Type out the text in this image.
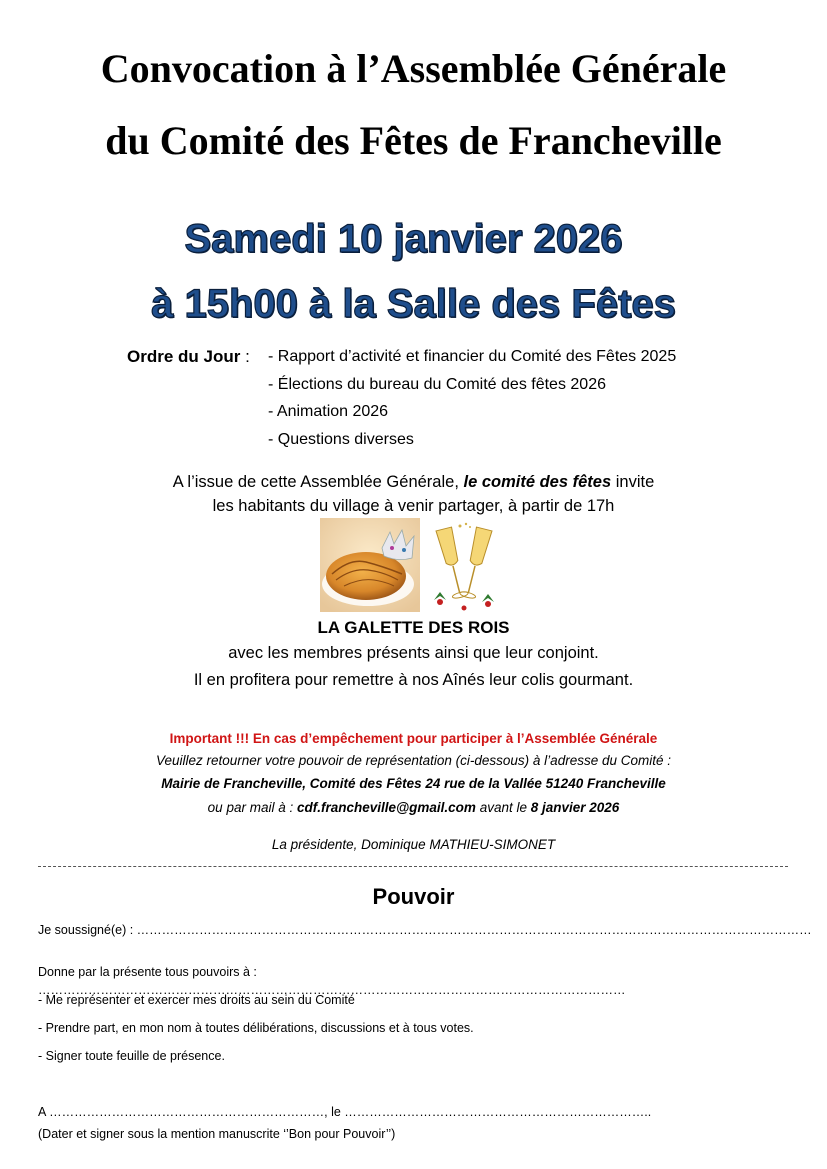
Convocation à l’Assemblée Générale
du Comité des Fêtes de Francheville
Samedi 10 janvier 2026
à 15h00 à la Salle des Fêtes
Ordre du Jour : - Rapport d’activité et financier du Comité des Fêtes 2025
- Élections du bureau du Comité des fêtes 2026
- Animation 2026
- Questions diverses
A l’issue de cette Assemblée Générale, le comité des fêtes invite
les habitants du village à venir partager, à partir de 17h
LA GALETTE DES ROIS
avec les membres présents ainsi que leur conjoint.
Il en profitera pour remettre à nos Aînés leur colis gourmant.
Important !!! En cas d’empêchement pour participer à l’Assemblée Générale
Veuillez retourner votre pouvoir de représentation (ci-dessous) à l’adresse du Comité :
Mairie de Francheville, Comité des Fêtes 24 rue de la Vallée 51240 Francheville
ou par mail à : cdf.francheville@gmail.com avant le 8 janvier 2026
La présidente, Dominique MATHIEU-SIMONET
Pouvoir
Je soussigné(e) : ………………………………………………………………………………………………………………………………………………
Donne par la présente tous pouvoirs à : ……………………………………………………………………………………………………………………………
- Me représenter et exercer mes droits au sein du Comité
- Prendre part, en mon nom à toutes délibérations, discussions et à tous votes.
- Signer toute feuille de présence.
A …………………………………………………………, le ………………………………………………………………..
(Dater et signer sous la mention manuscrite ‘’Bon pour Pouvoir’’)
